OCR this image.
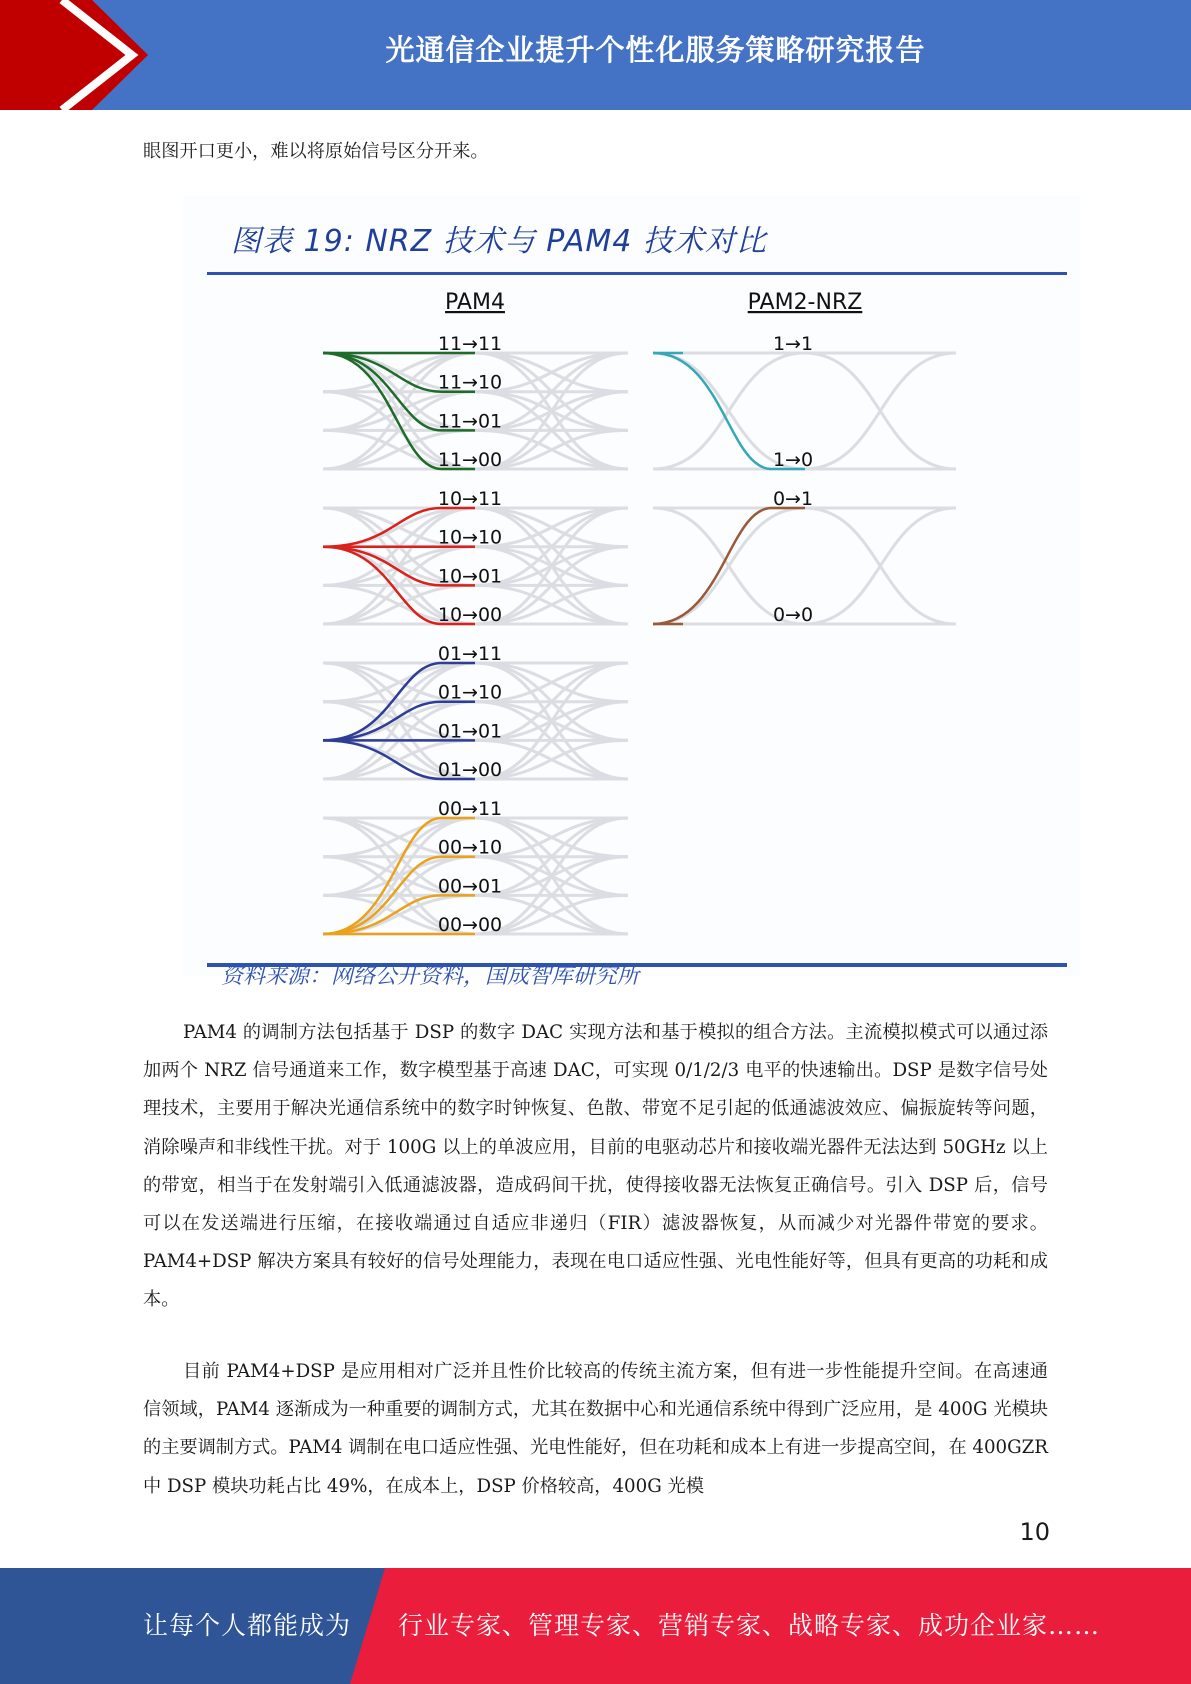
光通信企业提升个性化服务策略研究报告

眼图开口更小，难以将原始信号区分开来。

图表 19: NRZ 技术与 PAM4 技术对比
PAM4	PAM2-NRZ
11→11
11→10
11→01
11→00
10→11
10→10
10→01
10→00
01→11
01→10
01→01
01→00
00→11
00→10
00→01
00→00
1→1
1→0
0→1
0→0
资料来源：网络公开资料，国成智库研究所

PAM4 的调制方法包括基于 DSP 的数字 DAC 实现方法和基于模拟的组合方法。主流模拟模式可以通过添加两个 NRZ 信号通道来工作，数字模型基于高速 DAC，可实现 0/1/2/3 电平的快速输出。DSP 是数字信号处理技术，主要用于解决光通信系统中的数字时钟恢复、色散、带宽不足引起的低通滤波效应、偏振旋转等问题，消除噪声和非线性干扰。对于 100G 以上的单波应用，目前的电驱动芯片和接收端光器件无法达到 50GHz 以上的带宽，相当于在发射端引入低通滤波器，造成码间干扰，使得接收器无法恢复正确信号。引入 DSP 后，信号可以在发送端进行压缩，在接收端通过自适应非递归（FIR）滤波器恢复，从而减少对光器件带宽的要求。PAM4+DSP 解决方案具有较好的信号处理能力，表现在电口适应性强、光电性能好等，但具有更高的功耗和成本。

目前 PAM4+DSP 是应用相对广泛并且性价比较高的传统主流方案，但有进一步性能提升空间。在高速通信领域，PAM4 逐渐成为一种重要的调制方式，尤其在数据中心和光通信系统中得到广泛应用，是 400G 光模块的主要调制方式。PAM4 调制在电口适应性强、光电性能好，但在功耗和成本上有进一步提高空间，在 400GZR 中 DSP 模块功耗占比 49%，在成本上，DSP 价格较高，400G 光模

10
让每个人都能成为 行业专家、管理专家、营销专家、战略专家、成功企业家……
